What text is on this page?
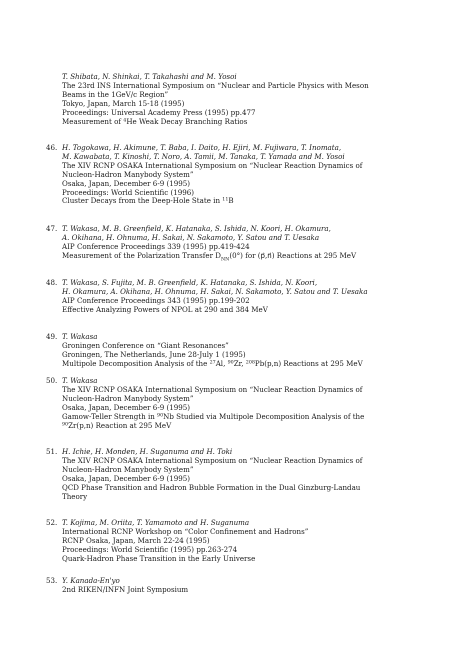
T. Shibata, N. Shinkai, T. Takahashi and M. Yosoi
The 23rd INS International Symposium on “Nuclear and Particle Physics with Meson
Beams in the 1GeV/c Region”
Tokyo, Japan, March 15-18 (1995)
Proceedings: Universal Academy Press (1995) pp.477
Measurement of $^4$He Weak Decay Branching Ratios
46. H. Togokawa, H. Akimune, T. Baba, I. Daito, H. Ejiri, M. Fujiwara, T. Inomata,
M. Kawabata, T. Kinoshi, T. Noro, A. Tamii, M. Tanaka, T. Yamada and M. Yosoi
The XIV RCNP OSAKA International Symposium on “Nuclear Reaction Dynamics of
Nucleon-Hadron Manybody System”
Osaka, Japan, December 6-9 (1995)
Proceedings: World Scientific (1996)
Cluster Decays from the Deep-Hole State in $^{11}$B
47. T. Wakasa, M. B. Greenfield, K. Hatanaka, S. Ishida, N. Koori, H. Okamura,
A. Okihana, H. Ohnuma, H. Sakai, N. Sakamoto, Y. Satou and T. Uesaka
AIP Conference Proceedings 339 (1995) pp.419-424
Measurement of the Polarization Transfer $D_{NN}(0^\circ)$ for (p⃗,n⃗) Reactions at 295 MeV
48. T. Wakasa, S. Fujita, M. B. Greenfield, K. Hatanaka, S. Ishida, N. Koori,
H. Okamura, A. Okihana, H. Ohnuma, H. Sakai, N. Sakamoto, Y. Satou and T. Uesaka
AIP Conference Proceedings 343 (1995) pp.199-202
Effective Analyzing Powers of NPOL at 290 and 384 MeV
49. T. Wakasa
Groningen Conference on “Giant Resonances”
Groningen, The Netherlands, June 28-July 1 (1995)
Multipole Decomposition Analysis of the $^{27}$Al, $^{90}$Zr, $^{208}$Pb(p,n) Reactions at 295 MeV
50. T. Wakasa
The XIV RCNP OSAKA International Symposium on “Nuclear Reaction Dynamics of
Nucleon-Hadron Manybody System”
Osaka, Japan, December 6-9 (1995)
Gamow-Teller Strength in $^{90}$Nb Studied via Multipole Decomposition Analysis of the
$^{90}$Zr(p,n) Reaction at 295 MeV
51. H. Ichie, H. Monden, H. Suganuma and H. Toki
The XIV RCNP OSAKA International Symposium on “Nuclear Reaction Dynamics of
Nucleon-Hadron Manybody System”
Osaka, Japan, December 6-9 (1995)
QCD Phase Transition and Hadron Bubble Formation in the Dual Ginzburg-Landau
Theory
52. T. Kojima, M. Oriita, T. Yamamoto and H. Suganuma
International RCNP Workshop on “Color Confinement and Hadrons”
RCNP Osaka, Japan, March 22-24 (1995)
Proceedings: World Scientific (1995) pp.263-274
Quark-Hadron Phase Transition in the Early Universe
53. Y. Kanada-En'yo
2nd RIKEN/INFN Joint Symposium
